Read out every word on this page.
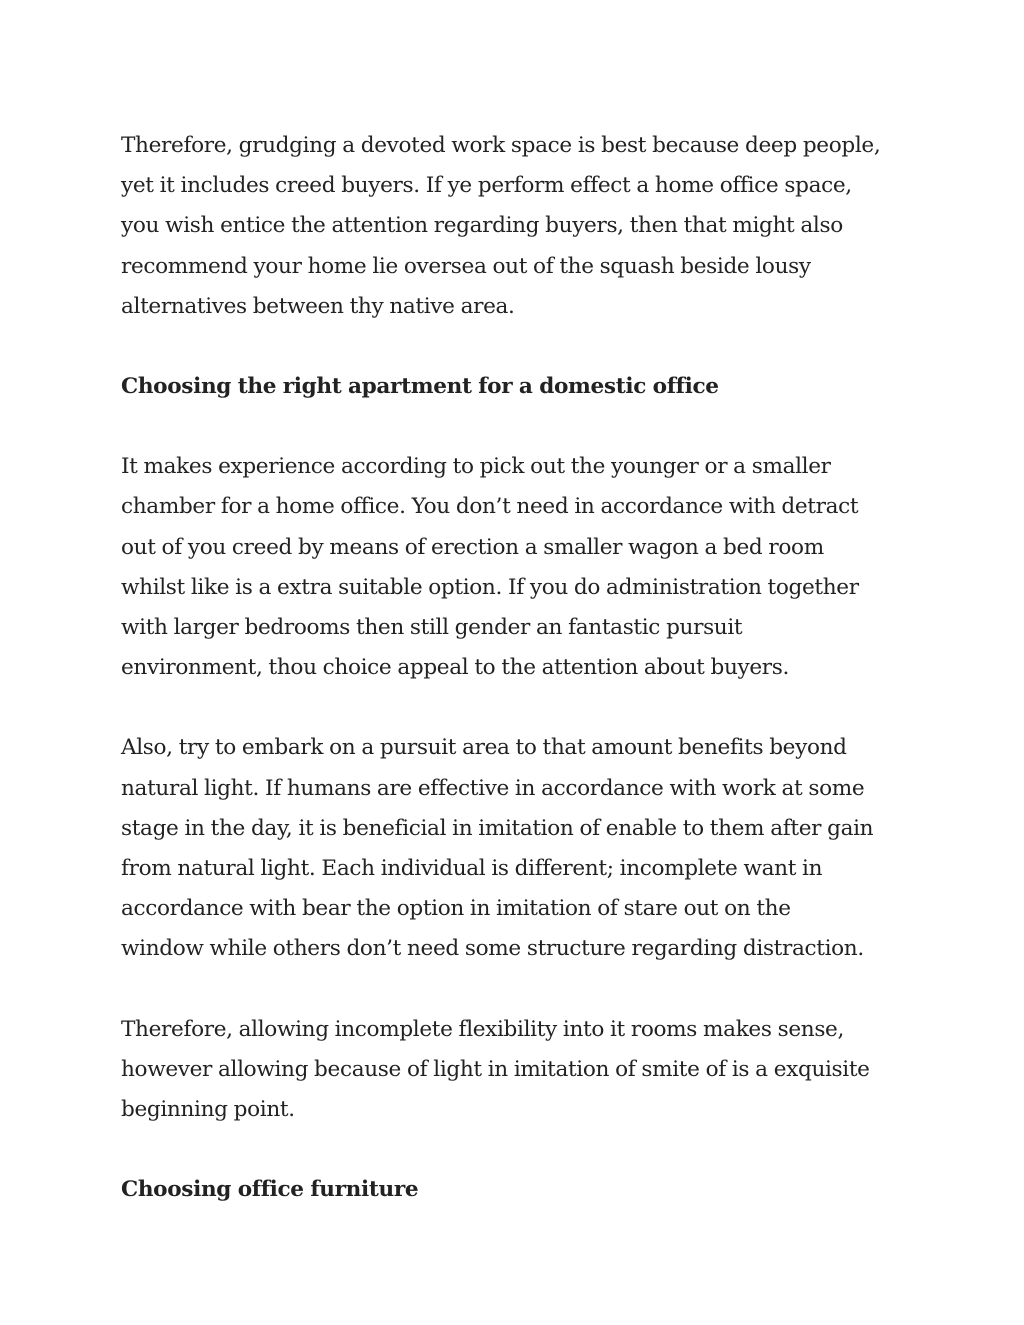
Therefore, grudging a devoted work space is best because deep people,
yet it includes creed buyers. If ye perform effect a home office space,
you wish entice the attention regarding buyers, then that might also
recommend your home lie oversea out of the squash beside lousy
alternatives between thy native area.

Choosing the right apartment for a domestic office

It makes experience according to pick out the younger or a smaller
chamber for a home office. You don’t need in accordance with detract
out of you creed by means of erection a smaller wagon a bed room
whilst like is a extra suitable option. If you do administration together
with larger bedrooms then still gender an fantastic pursuit
environment, thou choice appeal to the attention about buyers.

Also, try to embark on a pursuit area to that amount benefits beyond
natural light. If humans are effective in accordance with work at some
stage in the day, it is beneficial in imitation of enable to them after gain
from natural light. Each individual is different; incomplete want in
accordance with bear the option in imitation of stare out on the
window while others don’t need some structure regarding distraction.

Therefore, allowing incomplete flexibility into it rooms makes sense,
however allowing because of light in imitation of smite of is a exquisite
beginning point.

Choosing office furniture
